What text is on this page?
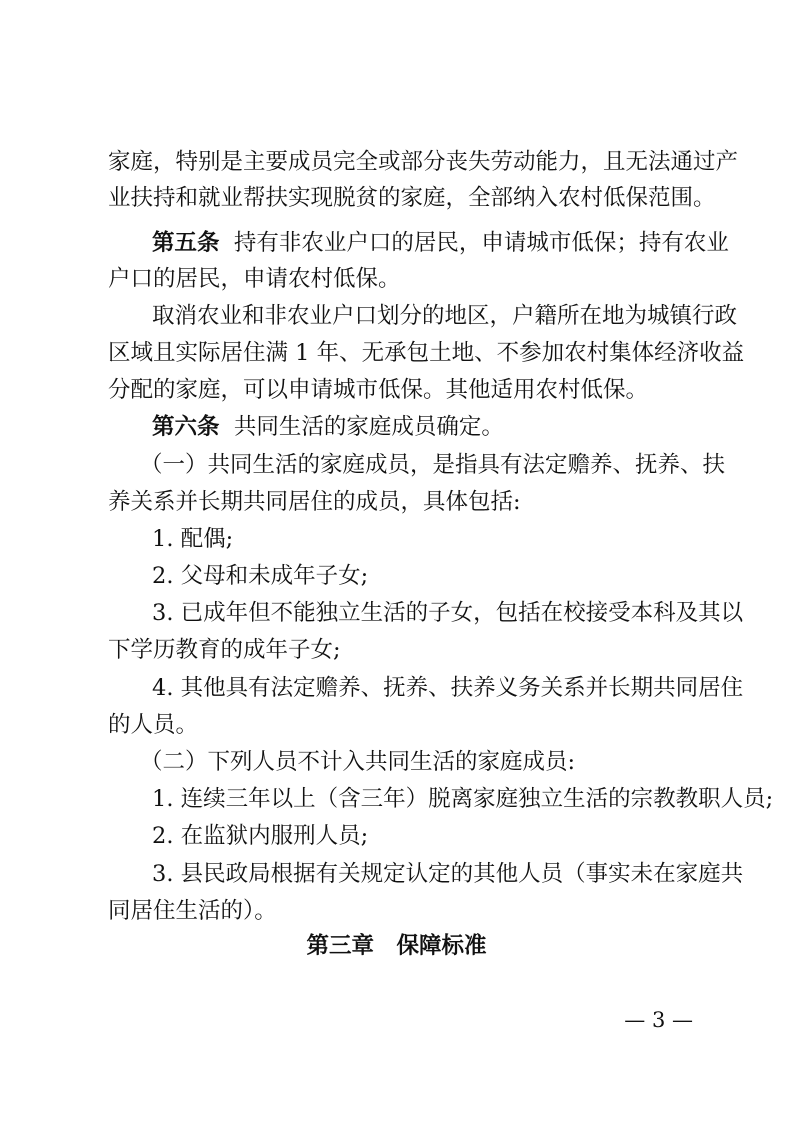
家庭，特别是主要成员完全或部分丧失劳动能力，且无法通过产
业扶持和就业帮扶实现脱贫的家庭，全部纳入农村低保范围。
第五条 持有非农业户口的居民，申请城市低保；持有农业
户口的居民，申请农村低保。
取消农业和非农业户口划分的地区，户籍所在地为城镇行政
区域且实际居住满 1 年、无承包土地、不参加农村集体经济收益
分配的家庭，可以申请城市低保。其他适用农村低保。
第六条 共同生活的家庭成员确定。
（一）共同生活的家庭成员，是指具有法定赡养、抚养、扶
养关系并长期共同居住的成员，具体包括:
1. 配偶;
2. 父母和未成年子女;
3. 已成年但不能独立生活的子女，包括在校接受本科及其以
下学历教育的成年子女;
4. 其他具有法定赡养、抚养、扶养义务关系并长期共同居住
的人员。
（二）下列人员不计入共同生活的家庭成员:
1. 连续三年以上（含三年）脱离家庭独立生活的宗教教职人员;
2. 在监狱内服刑人员;
3. 县民政局根据有关规定认定的其他人员（事实未在家庭共
同居住生活的）。
第三章　保障标准
— 3 —
